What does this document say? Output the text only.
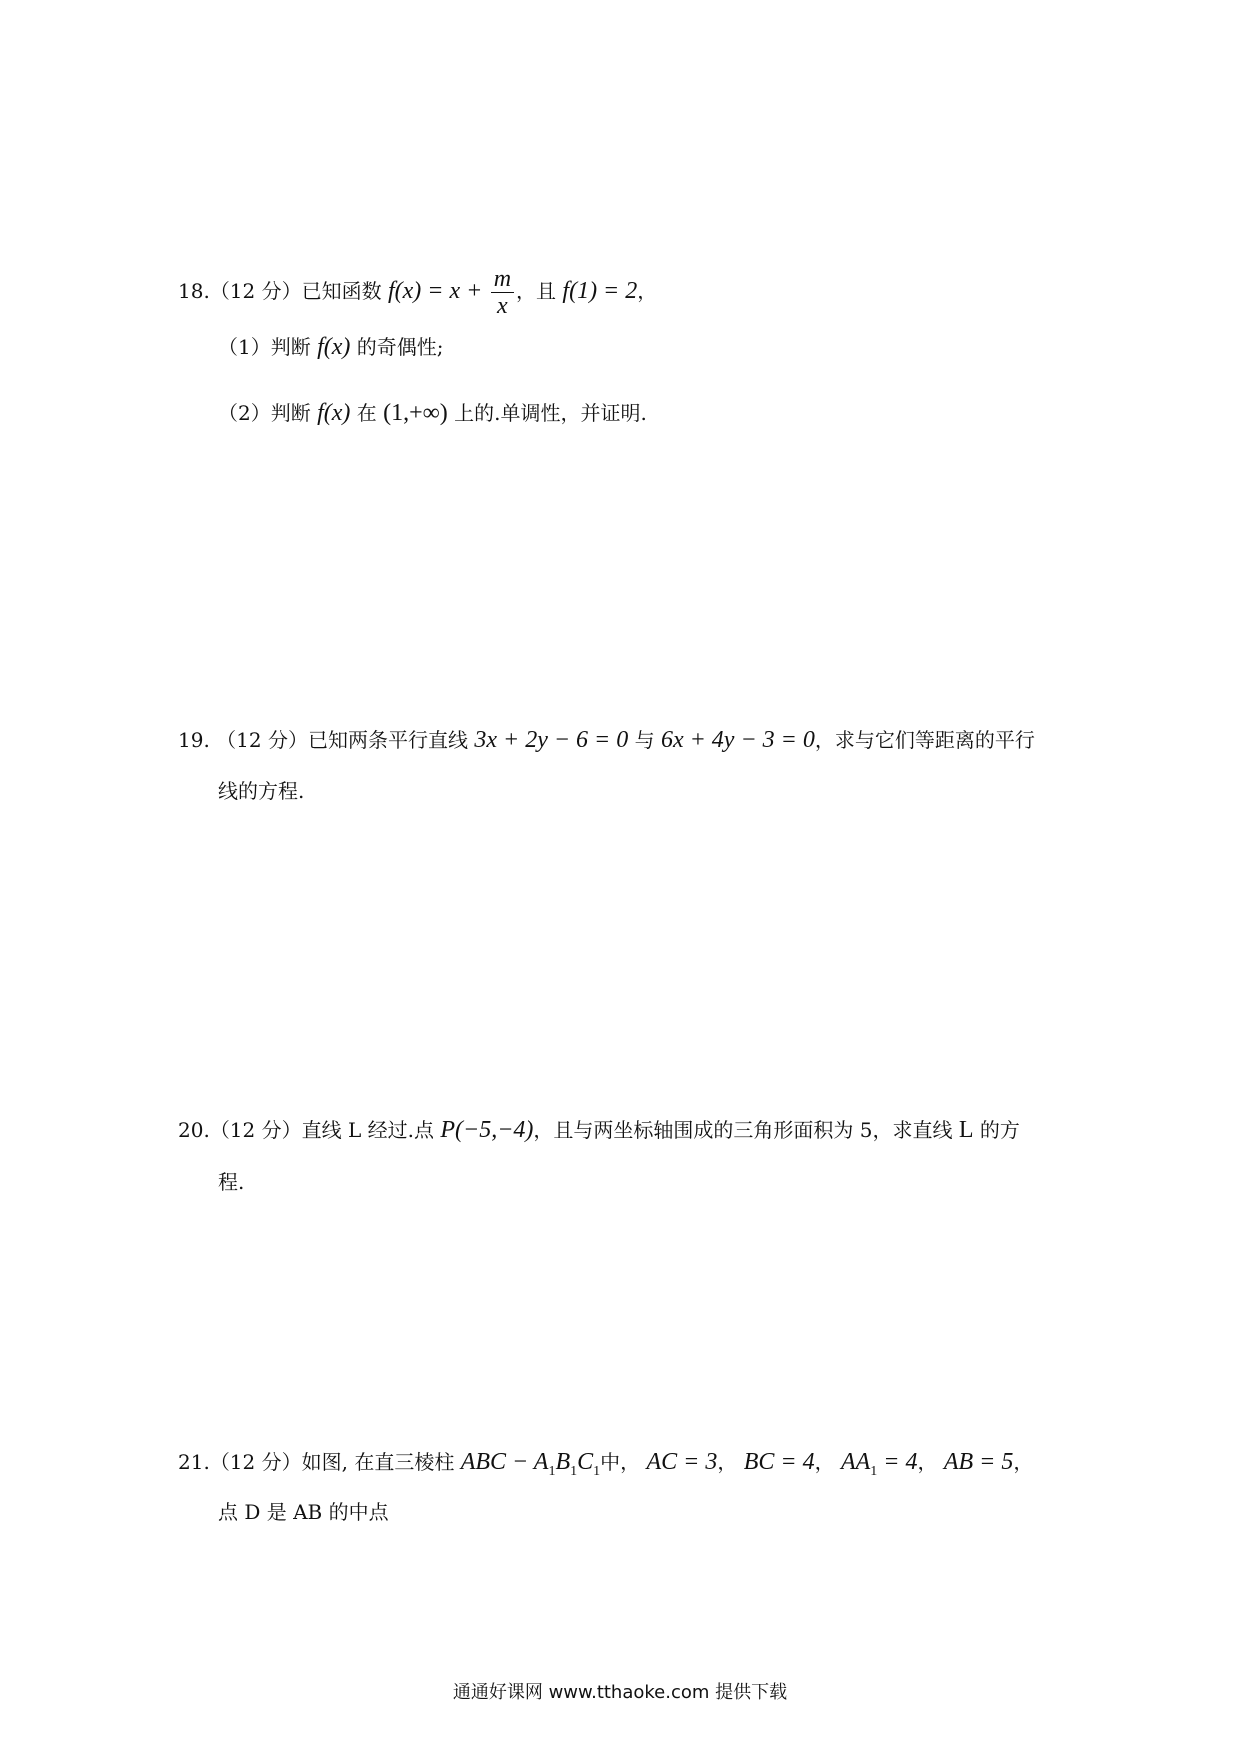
18.（12 分）已知函数 $f(x) = x + \frac{m}{x}$ ，且 f(1) = 2，
（1）判断 f(x) 的奇偶性;
（2）判断 f(x) 在 (1,+∞) 上的.单调性，并证明.
19. （12 分）已知两条平行直线 3x + 2y − 6 = 0 与 6x + 4y − 3 = 0，求与它们等距离的平行
线的方程.
20.（12 分）直线 L 经过.点 P(−5,−4)，且与两坐标轴围成的三角形面积为 5，求直线 L 的方
程.
21.（12 分）如图, 在直三棱柱 ABC − $A_1B_1C_1$中， AC = 3， BC = 4， $AA_1 = 4$， AB = 5，
点 D 是 AB 的中点
通通好课网 www.tthaoke.com 提供下载
